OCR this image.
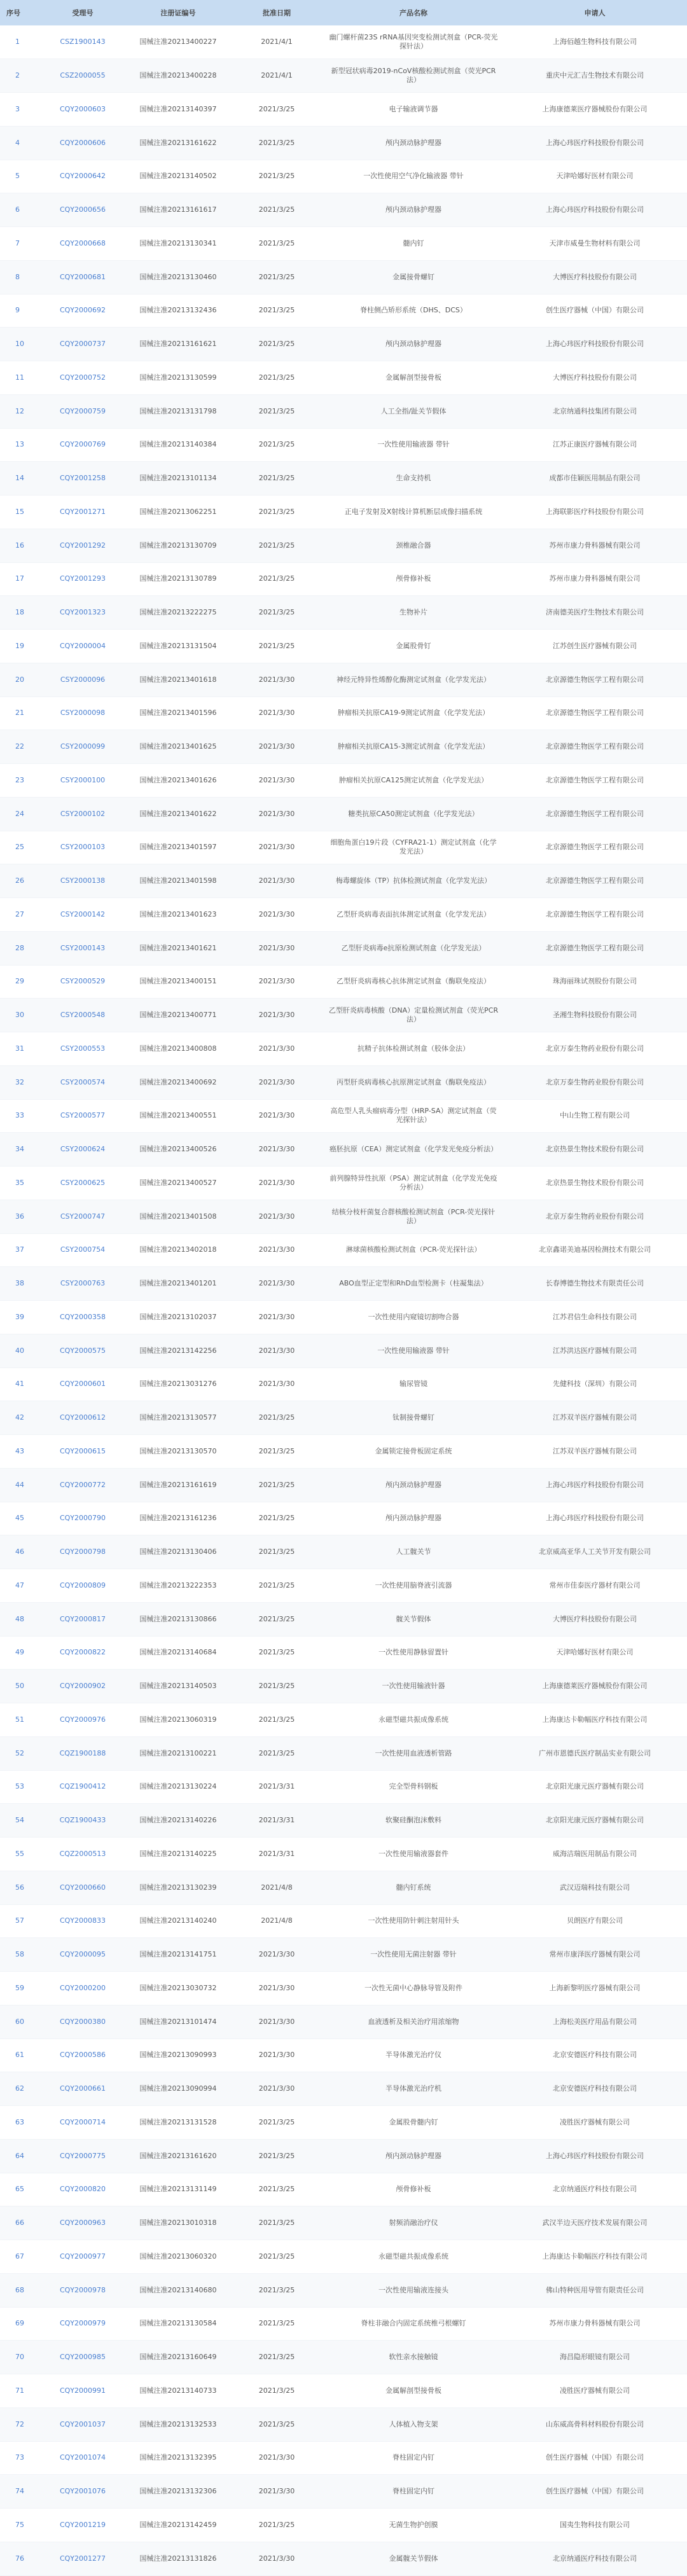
序号	受理号	注册证编号	批准日期	产品名称	申请人
1	CSZ1900143	国械注准20213400227	2021/4/1	幽门螺杆菌23S rRNA基因突变检测试剂盒（PCR-荧光探针法）	上海佰越生物科技有限公司
2	CSZ2000055	国械注准20213400228	2021/4/1	新型冠状病毒2019-nCoV核酸检测试剂盒（荧光PCR法）	重庆中元汇吉生物技术有限公司
3	CQY2000603	国械注准20213140397	2021/3/25	电子输液调节器	上海康德莱医疗器械股份有限公司
4	CQY2000606	国械注准20213161622	2021/3/25	颅内颈动脉护理器	上海心玮医疗科技股份有限公司
5	CQY2000642	国械注准20213140502	2021/3/25	一次性使用空气净化输液器 带针	天津哈娜好医材有限公司
6	CQY2000656	国械注准20213161617	2021/3/25	颅内颈动脉护理器	上海心玮医疗科技股份有限公司
7	CQY2000668	国械注准20213130341	2021/3/25	髓内钉	天津市威曼生物材料有限公司
8	CQY2000681	国械注准20213130460	2021/3/25	金属接骨螺钉	大博医疗科技股份有限公司
9	CQY2000692	国械注准20213132436	2021/3/25	脊柱侧凸矫形系统（DHS、DCS）	创生医疗器械（中国）有限公司
10	CQY2000737	国械注准20213161621	2021/3/25	颅内颈动脉护理器	上海心玮医疗科技股份有限公司
11	CQY2000752	国械注准20213130599	2021/3/25	金属解剖型接骨板	大博医疗科技股份有限公司
12	CQY2000759	国械注准20213131798	2021/3/25	人工全指/趾关节假体	北京纳通科技集团有限公司
13	CQY2000769	国械注准20213140384	2021/3/25	一次性使用输液器 带针	江苏正康医疗器械有限公司
14	CQY2001258	国械注准20213101134	2021/3/25	生命支持机	成都市佳颖医用制品有限公司
15	CQY2001271	国械注准20213062251	2021/3/25	正电子发射及X射线计算机断层成像扫描系统	上海联影医疗科技股份有限公司
16	CQY2001292	国械注准20213130709	2021/3/25	颈椎融合器	苏州市康力骨科器械有限公司
17	CQY2001293	国械注准20213130789	2021/3/25	颅骨修补板	苏州市康力骨科器械有限公司
18	CQY2001323	国械注准20213222275	2021/3/25	生物补片	济南德美医疗生物技术有限公司
19	CQY2000004	国械注准20213131504	2021/3/25	金属股骨钉	江苏创生医疗器械有限公司
20	CSY2000096	国械注准20213401618	2021/3/30	神经元特异性烯醇化酶测定试剂盒（化学发光法）	北京源德生物医学工程有限公司
21	CSY2000098	国械注准20213401596	2021/3/30	肿瘤相关抗原CA19-9测定试剂盒（化学发光法）	北京源德生物医学工程有限公司
22	CSY2000099	国械注准20213401625	2021/3/30	肿瘤相关抗原CA15-3测定试剂盒（化学发光法）	北京源德生物医学工程有限公司
23	CSY2000100	国械注准20213401626	2021/3/30	肿瘤相关抗原CA125测定试剂盒（化学发光法）	北京源德生物医学工程有限公司
24	CSY2000102	国械注准20213401622	2021/3/30	糖类抗原CA50测定试剂盒（化学发光法）	北京源德生物医学工程有限公司
25	CSY2000103	国械注准20213401597	2021/3/30	细胞角蛋白19片段（CYFRA21-1）测定试剂盒（化学发光法）	北京源德生物医学工程有限公司
26	CSY2000138	国械注准20213401598	2021/3/30	梅毒螺旋体（TP）抗体检测试剂盒（化学发光法）	北京源德生物医学工程有限公司
27	CSY2000142	国械注准20213401623	2021/3/30	乙型肝炎病毒表面抗体测定试剂盒（化学发光法）	北京源德生物医学工程有限公司
28	CSY2000143	国械注准20213401621	2021/3/30	乙型肝炎病毒e抗原检测试剂盒（化学发光法）	北京源德生物医学工程有限公司
29	CSY2000529	国械注准20213400151	2021/3/30	乙型肝炎病毒核心抗体测定试剂盒（酶联免疫法）	珠海丽珠试剂股份有限公司
30	CSY2000548	国械注准20213400771	2021/3/30	乙型肝炎病毒核酸（DNA）定量检测试剂盒（荧光PCR法）	圣湘生物科技股份有限公司
31	CSY2000553	国械注准20213400808	2021/3/30	抗精子抗体检测试剂盒（胶体金法）	北京万泰生物药业股份有限公司
32	CSY2000574	国械注准20213400692	2021/3/30	丙型肝炎病毒核心抗原测定试剂盒（酶联免疫法）	北京万泰生物药业股份有限公司
33	CSY2000577	国械注准20213400551	2021/3/30	高危型人乳头瘤病毒分型（HRP-SA）测定试剂盒（荧光探针法）	中山生物工程有限公司
34	CSY2000624	国械注准20213400526	2021/3/30	癌胚抗原（CEA）测定试剂盒（化学发光免疫分析法）	北京热景生物技术股份有限公司
35	CSY2000625	国械注准20213400527	2021/3/30	前列腺特异性抗原（PSA）测定试剂盒（化学发光免疫分析法）	北京热景生物技术股份有限公司
36	CSY2000747	国械注准20213401508	2021/3/30	结核分枝杆菌复合群核酸检测试剂盒（PCR-荧光探针法）	北京万泰生物药业股份有限公司
37	CSY2000754	国械注准20213402018	2021/3/30	淋球菌核酸检测试剂盒（PCR-荧光探针法）	北京鑫诺美迪基因检测技术有限公司
38	CSY2000763	国械注准20213401201	2021/3/30	ABO血型正定型和RhD血型检测卡（柱凝集法）	长春博德生物技术有限责任公司
39	CQY2000358	国械注准20213102037	2021/3/30	一次性使用内窥镜切割吻合器	江苏君信生命科技有限公司
40	CQY2000575	国械注准20213142256	2021/3/30	一次性使用输液器 带针	江苏洪达医疗器械有限公司
41	CQY2000601	国械注准20213031276	2021/3/30	输尿管镜	先健科技（深圳）有限公司
42	CQY2000612	国械注准20213130577	2021/3/25	钛制接骨螺钉	江苏双羊医疗器械有限公司
43	CQY2000615	国械注准20213130570	2021/3/25	金属锁定接骨板固定系统	江苏双羊医疗器械有限公司
44	CQY2000772	国械注准20213161619	2021/3/25	颅内颈动脉护理器	上海心玮医疗科技股份有限公司
45	CQY2000790	国械注准20213161236	2021/3/25	颅内颈动脉护理器	上海心玮医疗科技股份有限公司
46	CQY2000798	国械注准20213130406	2021/3/25	人工髋关节	北京威高亚华人工关节开发有限公司
47	CQY2000809	国械注准20213222353	2021/3/25	一次性使用脑脊液引流器	常州市佳泰医疗器材有限公司
48	CQY2000817	国械注准20213130866	2021/3/25	髋关节假体	大博医疗科技股份有限公司
49	CQY2000822	国械注准20213140684	2021/3/25	一次性使用静脉留置针	天津哈娜好医材有限公司
50	CQY2000902	国械注准20213140503	2021/3/25	一次性使用输液针器	上海康德莱医疗器械股份有限公司
51	CQY2000976	国械注准20213060319	2021/3/25	永磁型磁共振成像系统	上海康达卡勒幅医疗科技有限公司
52	CQZ1900188	国械注准20213100221	2021/3/25	一次性使用血液透析管路	广州市恩德氏医疗制品实业有限公司
53	CQZ1900412	国械注准20213130224	2021/3/31	完全型骨科钢板	北京阳光康元医疗器械有限公司
54	CQZ1900433	国械注准20213140226	2021/3/31	软聚硅酮泡沫敷料	北京阳光康元医疗器械有限公司
55	CQZ2000513	国械注准20213140225	2021/3/31	一次性使用输液器套件	威海洁瑞医用制品有限公司
56	CQY2000660	国械注准20213130239	2021/4/8	髓内钉系统	武汉迈瑞科技有限公司
57	CQY2000833	国械注准20213140240	2021/4/8	一次性使用防针刺注射用针头	贝朗医疗有限公司
58	CQY2000095	国械注准20213141751	2021/3/30	一次性使用无菌注射器 带针	常州市康泽医疗器械有限公司
59	CQY2000200	国械注准20213030732	2021/3/30	一次性无菌中心静脉导管及附件	上海新黎明医疗器械有限公司
60	CQY2000380	国械注准20213101474	2021/3/30	血液透析及相关治疗用浓缩物	上海松美医疗用品有限公司
61	CQY2000586	国械注准20213090993	2021/3/30	半导体激光治疗仪	北京安德医疗科技有限公司
62	CQY2000661	国械注准20213090994	2021/3/30	半导体激光治疗机	北京安德医疗科技有限公司
63	CQY2000714	国械注准20213131528	2021/3/25	金属股骨髓内钉	凌胜医疗器械有限公司
64	CQY2000775	国械注准20213161620	2021/3/25	颅内颈动脉护理器	上海心玮医疗科技股份有限公司
65	CQY2000820	国械注准20213131149	2021/3/25	颅骨修补板	北京纳通医疗科技有限公司
66	CQY2000963	国械注准20213010318	2021/3/25	射频消融治疗仪	武汉半边天医疗技术发展有限公司
67	CQY2000977	国械注准20213060320	2021/3/25	永磁型磁共振成像系统	上海康达卡勒幅医疗科技有限公司
68	CQY2000978	国械注准20213140680	2021/3/25	一次性使用输液连接头	佛山特种医用导管有限责任公司
69	CQY2000979	国械注准20213130584	2021/3/25	脊柱非融合内固定系统椎弓根螺钉	苏州市康力骨科器械有限公司
70	CQY2000985	国械注准20213160649	2021/3/25	软性亲水接触镜	海昌隐形眼镜有限公司
71	CQY2000991	国械注准20213140733	2021/3/25	金属解剖型接骨板	凌胜医疗器械有限公司
72	CQY2001037	国械注准20213132533	2021/3/25	人体植入物支架	山东威高骨科材料股份有限公司
73	CQY2001074	国械注准20213132395	2021/3/30	脊柱固定内钉	创生医疗器械（中国）有限公司
74	CQY2001076	国械注准20213132306	2021/3/30	脊柱固定内钉	创生医疗器械（中国）有限公司
75	CQY2001219	国械注准20213142459	2021/3/25	无菌生物护创膜	国夷生物科技有限公司
76	CQY2001277	国械注准20213131826	2021/3/30	金属髋关节假体	北京纳通医疗科技有限公司
